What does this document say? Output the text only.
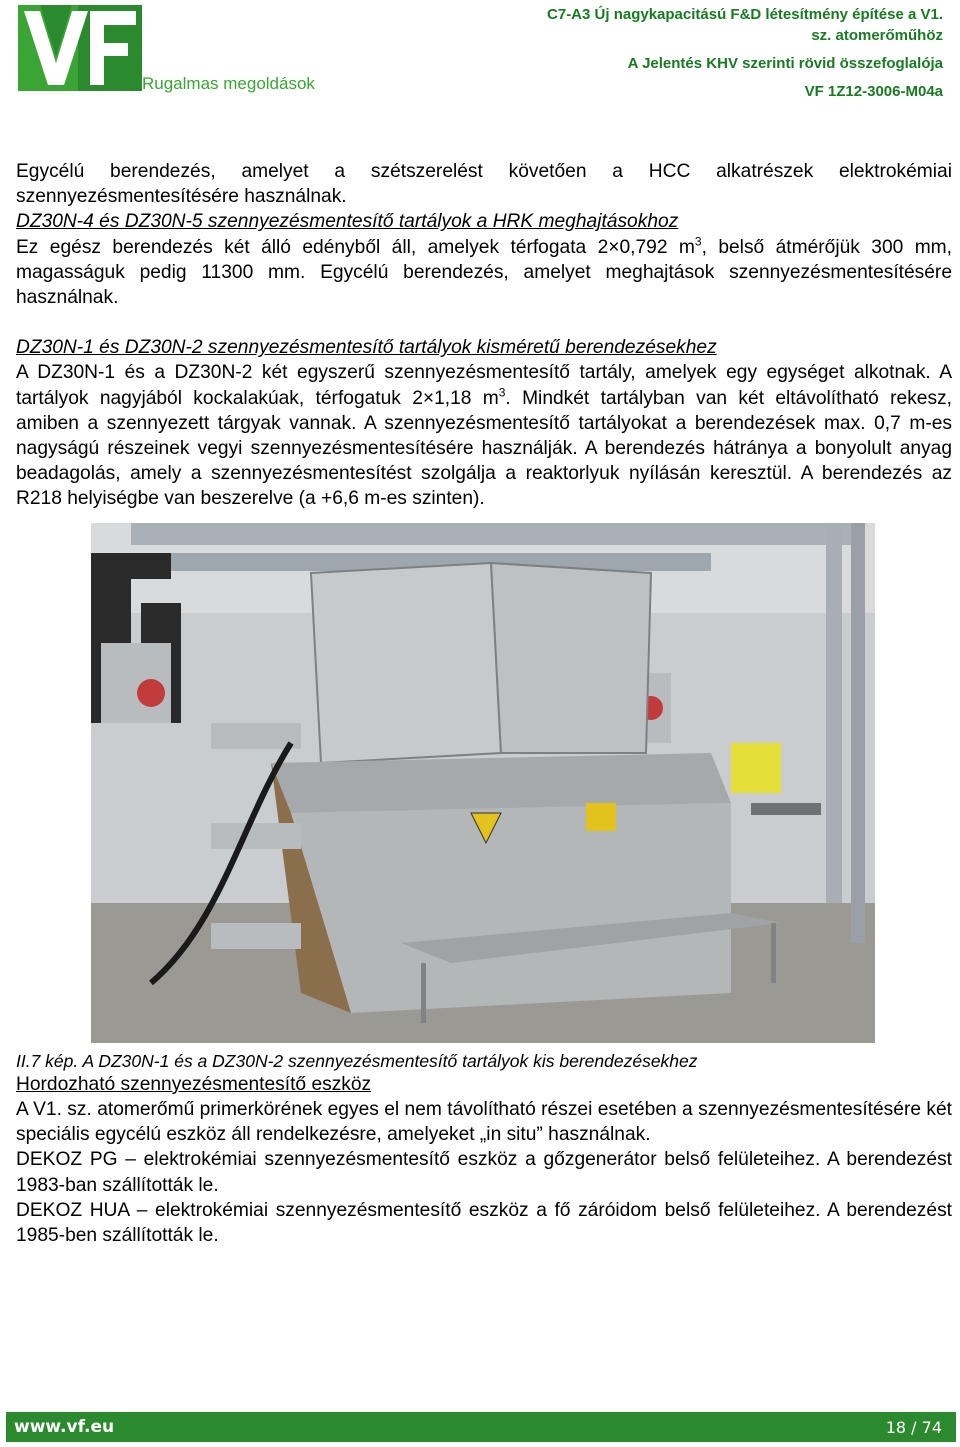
Rugalmas megoldások
C7-A3 Új nagykapacitású F&D létesítmény építése a V1.
sz. atomerőműhöz
A Jelentés KHV szerinti rövid összefoglalója
VF 1Z12-3006-M04a

Egycélú berendezés, amelyet a szétszerelést követően a HCC alkatrészek elektrokémiai szennyezésmentesítésére használnak.

DZ30N-4 és DZ30N-5 szennyezésmentesítő tartályok a HRK meghajtásokhoz

Ez egész berendezés két álló edényből áll, amelyek térfogata 2×0,792 $m^3$, belső átmérőjük 300 mm, magasságuk pedig 11300 mm. Egycélú berendezés, amelyet meghajtások szennyezésmentesítésére használnak.

DZ30N-1 és DZ30N-2 szennyezésmentesítő tartályok kisméretű berendezésekhez

A DZ30N-1 és a DZ30N-2 két egyszerű szennyezésmentesítő tartály, amelyek egy egységet alkotnak. A tartályok nagyjából kockalakúak, térfogatuk 2×1,18 $m^3$. Mindkét tartályban van két eltávolítható rekesz, amiben a szennyezett tárgyak vannak. A szennyezésmentesítő tartályokat a berendezések max. 0,7 m-es nagyságú részeinek vegyi szennyezésmentesítésére használják. A berendezés hátránya a bonyolult anyag beadagolás, amely a szennyezésmentesítést szolgálja a reaktorlyuk nyílásán keresztül. A berendezés az R218 helyiségbe van beszerelve (a +6,6 m-es szinten).

II.7 kép. A DZ30N-1 és a DZ30N-2 szennyezésmentesítő tartályok kis berendezésekhez

Hordozható szennyezésmentesítő eszköz

A V1. sz. atomerőmű primerkörének egyes el nem távolítható részei esetében a szennyezésmentesítésére két speciális egycélú eszköz áll rendelkezésre, amelyeket „in situ” használnak.

DEKOZ PG – elektrokémiai szennyezésmentesítő eszköz a gőzgenerátor belső felületeihez. A berendezést 1983-ban szállították le.

DEKOZ HUA – elektrokémiai szennyezésmentesítő eszköz a fő záróidom belső felületeihez. A berendezést 1985-ben szállították le.

www.vf.eu	18 / 74
